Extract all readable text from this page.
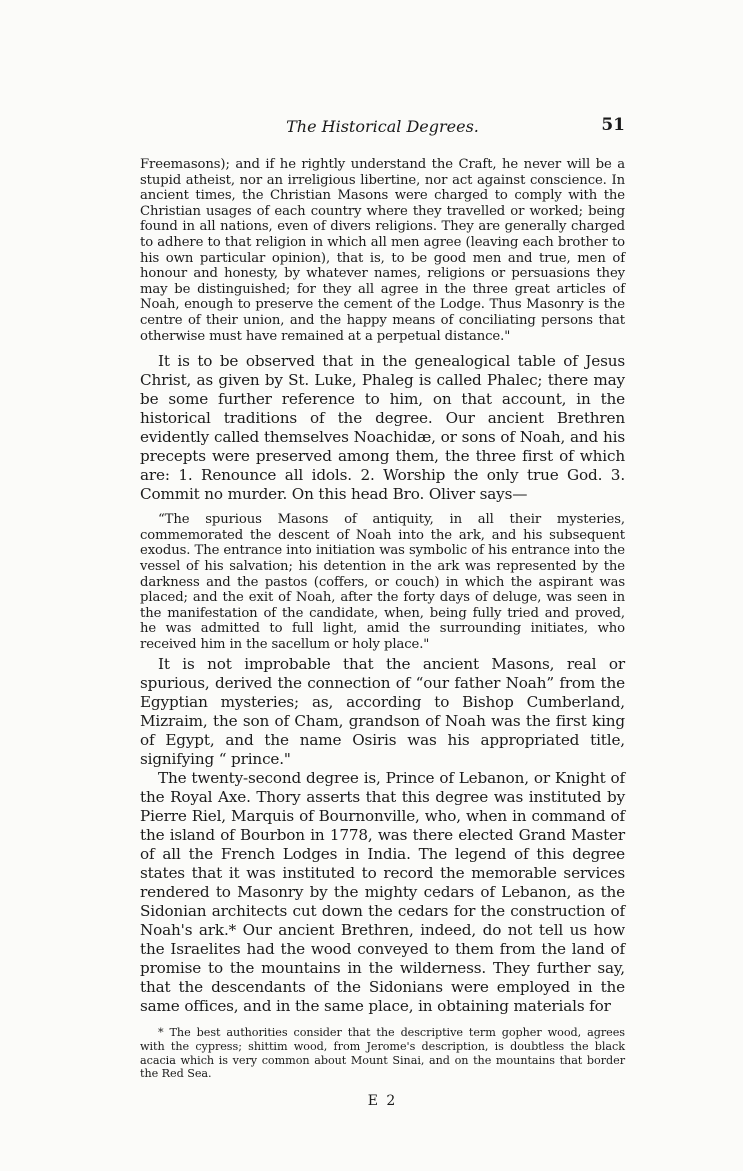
The Historical Degrees.	51

Freemasons); and if he rightly understand the Craft, he never will be a stupid atheist, nor an irreligious libertine, nor act against conscience. In ancient times, the Christian Masons were charged to comply with the Christian usages of each country where they travelled or worked; being found in all nations, even of divers religions. They are generally charged to adhere to that religion in which all men agree (leaving each brother to his own particular opinion), that is, to be good men and true, men of honour and honesty, by whatever names, religions or persuasions they may be distinguished; for they all agree in the three great articles of Noah, enough to preserve the cement of the Lodge. Thus Masonry is the centre of their union, and the happy means of conciliating persons that otherwise must have remained at a perpetual distance."

It is to be observed that in the genealogical table of Jesus Christ, as given by St. Luke, Phaleg is called Phalec; there may be some further reference to him, on that account, in the historical traditions of the degree. Our ancient Brethren evidently called themselves Noachidæ, or sons of Noah, and his precepts were preserved among them, the three first of which are: 1. Renounce all idols. 2. Worship the only true God. 3. Commit no murder. On this head Bro. Oliver says—

“The spurious Masons of antiquity, in all their mysteries, commemorated the descent of Noah into the ark, and his subsequent exodus. The entrance into initiation was symbolic of his entrance into the vessel of his salvation; his detention in the ark was represented by the darkness and the pastos (coffers, or couch) in which the aspirant was placed; and the exit of Noah, after the forty days of deluge, was seen in the manifestation of the candidate, when, being fully tried and proved, he was admitted to full light, amid the surrounding initiates, who received him in the sacellum or holy place."

It is not improbable that the ancient Masons, real or spurious, derived the connection of “our father Noah” from the Egyptian mysteries; as, according to Bishop Cumberland, Mizraim, the son of Cham, grandson of Noah was the first king of Egypt, and the name Osiris was his appropriated title, signifying “ prince."

The twenty-second degree is, Prince of Lebanon, or Knight of the Royal Axe. Thory asserts that this degree was instituted by Pierre Riel, Marquis of Bournonville, who, when in command of the island of Bourbon in 1778, was there elected Grand Master of all the French Lodges in India. The legend of this degree states that it was instituted to record the memorable services rendered to Masonry by the mighty cedars of Lebanon, as the Sidonian architects cut down the cedars for the construction of Noah's ark.* Our ancient Brethren, indeed, do not tell us how the Israelites had the wood conveyed to them from the land of promise to the mountains in the wilderness. They further say, that the descendants of the Sidonians were employed in the same offices, and in the same place, in obtaining materials for

* The best authorities consider that the descriptive term gopher wood, agrees with the cypress; shittim wood, from Jerome's description, is doubtless the black acacia which is very common about Mount Sinai, and on the mountains that border the Red Sea.

E 2
